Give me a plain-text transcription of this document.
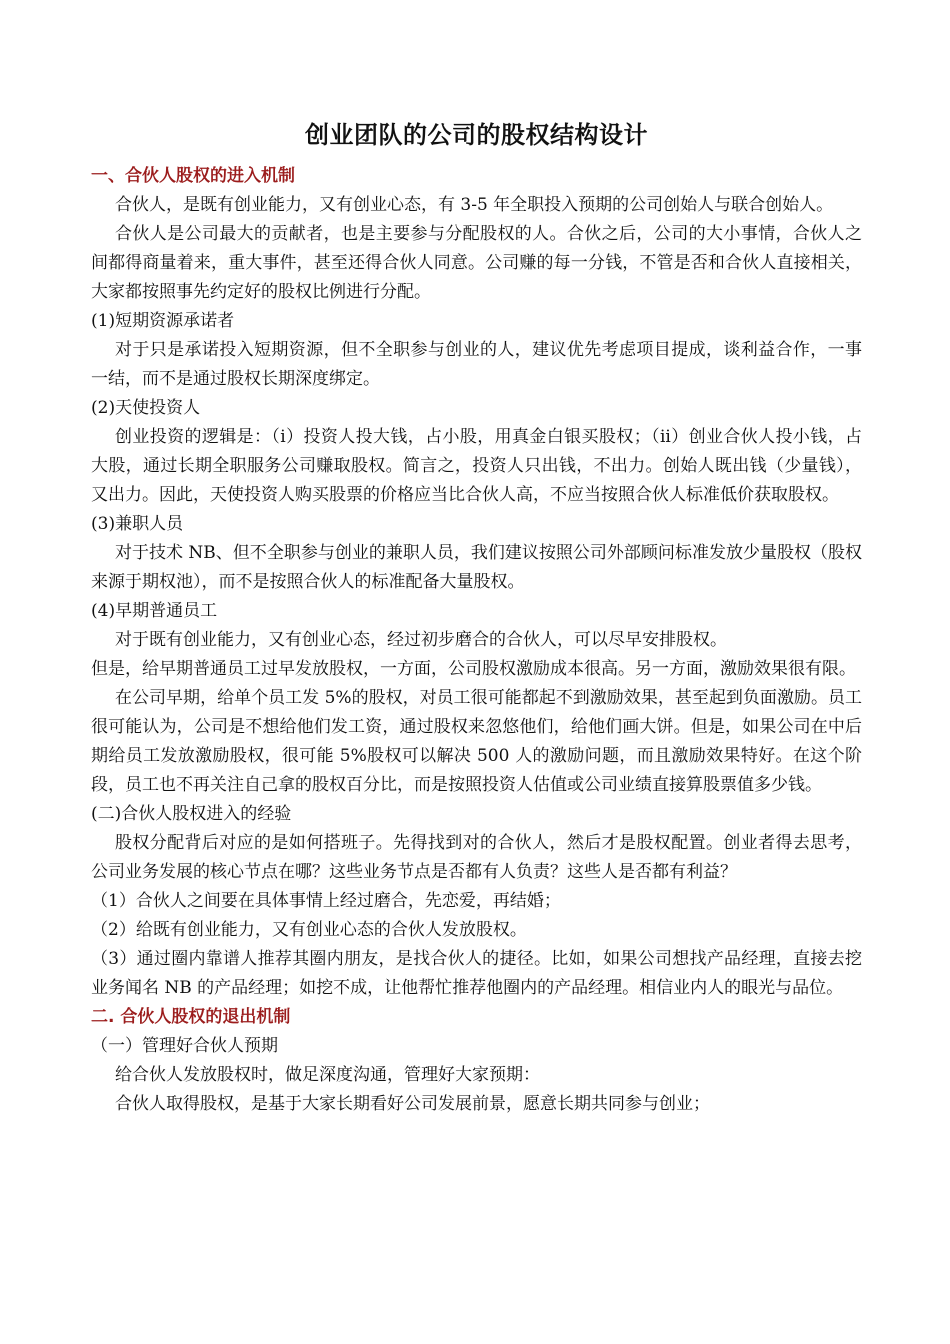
创业团队的公司的股权结构设计

一、合伙人股权的进入机制

合伙人，是既有创业能力，又有创业心态，有 3-5 年全职投入预期的公司创始人与联合创始人。

合伙人是公司最大的贡献者，也是主要参与分配股权的人。合伙之后，公司的大小事情，合伙人之间都得商量着来，重大事件，甚至还得合伙人同意。公司赚的每一分钱，不管是否和合伙人直接相关，大家都按照事先约定好的股权比例进行分配。

(1)短期资源承诺者

对于只是承诺投入短期资源，但不全职参与创业的人，建议优先考虑项目提成，谈利益合作，一事一结，而不是通过股权长期深度绑定。

(2)天使投资人

创业投资的逻辑是：（i）投资人投大钱，占小股，用真金白银买股权；（ii）创业合伙人投小钱，占大股，通过长期全职服务公司赚取股权。简言之，投资人只出钱，不出力。创始人既出钱（少量钱），又出力。因此，天使投资人购买股票的价格应当比合伙人高，不应当按照合伙人标准低价获取股权。

(3)兼职人员

对于技术 NB、但不全职参与创业的兼职人员，我们建议按照公司外部顾问标准发放少量股权（股权来源于期权池），而不是按照合伙人的标准配备大量股权。

(4)早期普通员工

对于既有创业能力，又有创业心态，经过初步磨合的合伙人，可以尽早安排股权。

但是，给早期普通员工过早发放股权，一方面，公司股权激励成本很高。另一方面，激励效果很有限。

在公司早期，给单个员工发 5%的股权，对员工很可能都起不到激励效果，甚至起到负面激励。员工很可能认为，公司是不想给他们发工资，通过股权来忽悠他们，给他们画大饼。但是，如果公司在中后期给员工发放激励股权，很可能 5%股权可以解决 500 人的激励问题，而且激励效果特好。在这个阶段，员工也不再关注自己拿的股权百分比，而是按照投资人估值或公司业绩直接算股票值多少钱。

(二)合伙人股权进入的经验

股权分配背后对应的是如何搭班子。先得找到对的合伙人，然后才是股权配置。创业者得去思考，公司业务发展的核心节点在哪？这些业务节点是否都有人负责？这些人是否都有利益？

（1）合伙人之间要在具体事情上经过磨合，先恋爱，再结婚；

（2）给既有创业能力，又有创业心态的合伙人发放股权。

（3）通过圈内靠谱人推荐其圈内朋友，是找合伙人的捷径。比如，如果公司想找产品经理，直接去挖业务闻名 NB 的产品经理；如挖不成，让他帮忙推荐他圈内的产品经理。相信业内人的眼光与品位。

二. 合伙人股权的退出机制

（一）管理好合伙人预期

给合伙人发放股权时，做足深度沟通，管理好大家预期：

合伙人取得股权，是基于大家长期看好公司发展前景，愿意长期共同参与创业；
